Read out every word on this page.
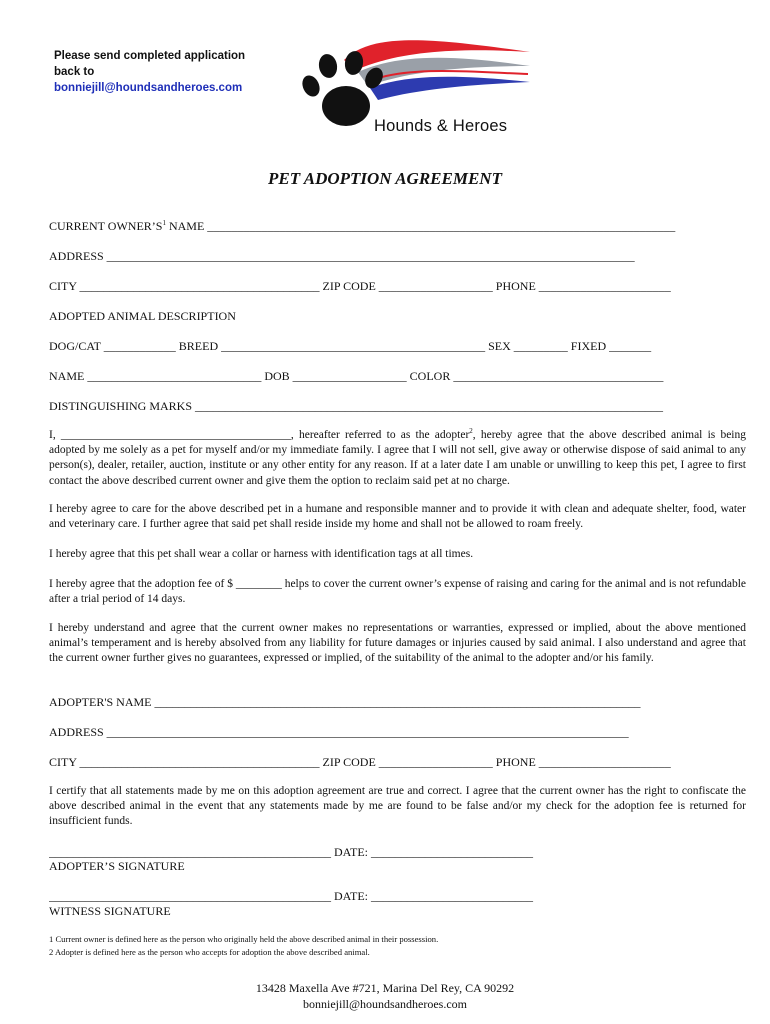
Please send completed application
back to
bonniejill@houndsandheroes.com
Hounds & Heroes
PET ADOPTION AGREEMENT
CURRENT $OWNER’S^1$ NAME ______________________________________________________________________________
ADDRESS ________________________________________________________________________________________
CITY ________________________________________ ZIP CODE ___________________ PHONE ______________________
ADOPTED ANIMAL DESCRIPTION
DOG/CAT ____________ BREED ____________________________________________ SEX _________ FIXED _______
NAME _____________________________ DOB ___________________ COLOR ___________________________________
DISTINGUISHING MARKS ______________________________________________________________________________
I, ________________________________________, hereafter referred to as the adopter$^2$, hereby agree that the above described animal is being adopted by me solely as a pet for myself and/or my immediate family. I agree that I will not sell, give away or otherwise dispose of said animal to any person(s), dealer, retailer, auction, institute or any other entity for any reason. If at a later date I am unable or unwilling to keep this pet, I agree to first contact the above described current owner and give them the option to reclaim said pet at no charge.
I hereby agree to care for the above described pet in a humane and responsible manner and to provide it with clean and adequate shelter, food, water and veterinary care. I further agree that said pet shall reside inside my home and shall not be allowed to roam freely.
I hereby agree that this pet shall wear a collar or harness with identification tags at all times.
I hereby agree that the adoption fee of $ ________ helps to cover the current owner’s expense of raising and caring for the animal and is not refundable after a trial period of 14 days.
I hereby understand and agree that the current owner makes no representations or warranties, expressed or implied, about the above mentioned animal’s temperament and is hereby absolved from any liability for future damages or injuries caused by said animal. I also understand and agree that the current owner further gives no guarantees, expressed or implied, of the suitability of the animal to the adopter and/or his family.
ADOPTER'S NAME _________________________________________________________________________________
ADDRESS _______________________________________________________________________________________
CITY ________________________________________ ZIP CODE ___________________ PHONE ______________________
I certify that all statements made by me on this adoption agreement are true and correct. I agree that the current owner has the right to confiscate the above described animal in the event that any statements made by me are found to be false and/or my check for the adoption fee is returned for insufficient funds.
_______________________________________________ DATE: ___________________________
ADOPTER’S SIGNATURE
_______________________________________________ DATE: ___________________________
WITNESS SIGNATURE
1 Current owner is defined here as the person who originally held the above described animal in their possession.
2 Adopter is defined here as the person who accepts for adoption the above described animal.
13428 Maxella Ave #721, Marina Del Rey, CA 90292
bonniejill@houndsandheroes.com
